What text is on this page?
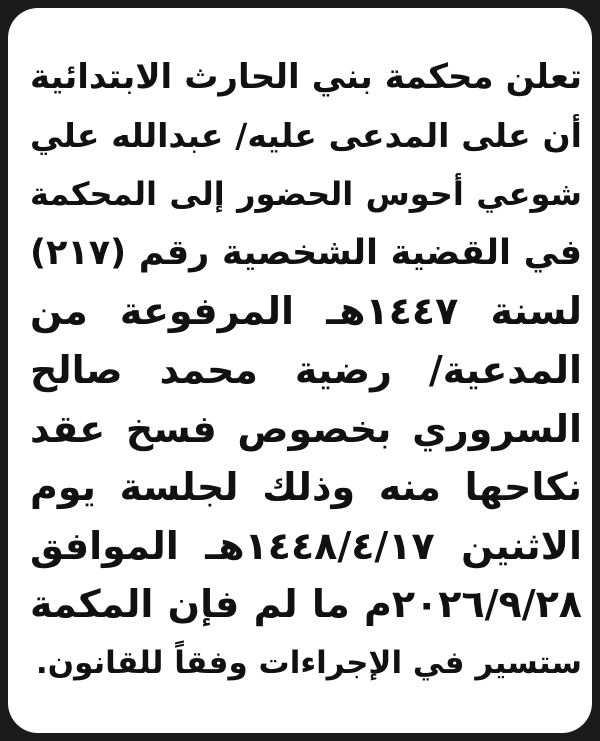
تعلن محكمة بني الحارث الابتدائية
أن على المدعى عليه/ عبدالله علي
شوعي أحوس الحضور إلى المحكمة
في القضية الشخصية رقم (٢١٧)
لسنة ١٤٤٧هـ المرفوعة من
المدعية/ رضية محمد صالح
السروري بخصوص فسخ عقد
نكاحها منه وذلك لجلسة يوم
الاثنين ١٤٤٨/٤/١٧هـ الموافق
٢٠٢٦/٩/٢٨م ما لم فإن المكمة
ستسير في الإجراءات وفقاً للقانون.
